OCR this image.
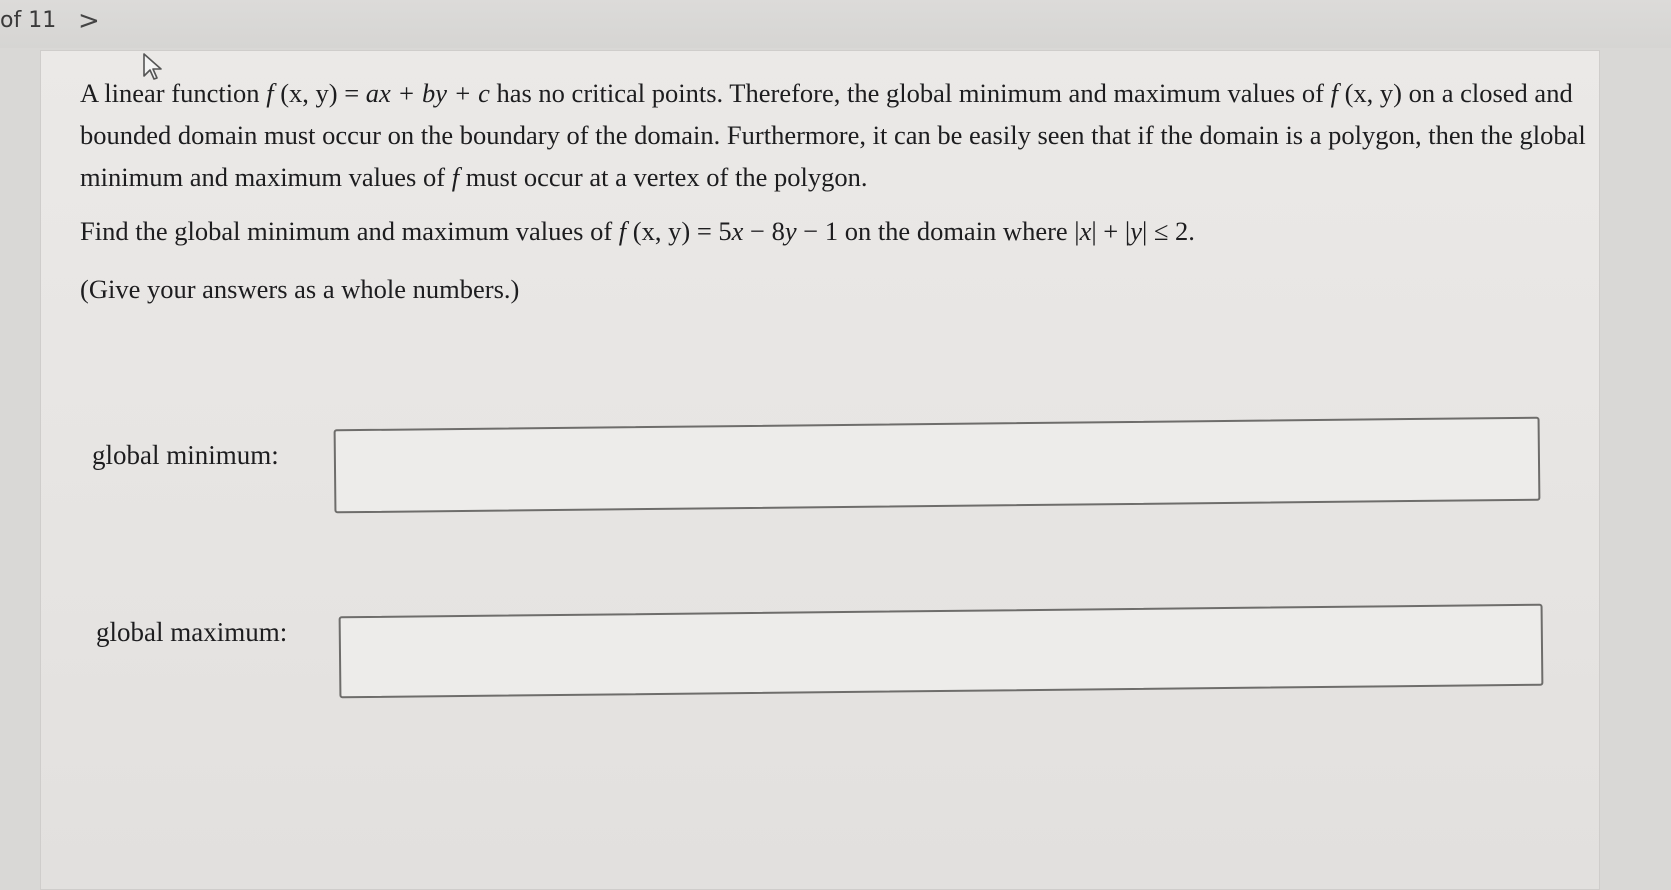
of 11 >

A linear function f (x, y) = ax + by + c has no critical points. Therefore, the global minimum and maximum values of f (x, y) on a closed and bounded domain must occur on the boundary of the domain. Furthermore, it can be easily seen that if the domain is a polygon, then the global minimum and maximum values of f must occur at a vertex of the polygon.

Find the global minimum and maximum values of f (x, y) = 5x − 8y − 1 on the domain where |x| + |y| ≤ 2.

(Give your answers as a whole numbers.)

global minimum:
global maximum:
